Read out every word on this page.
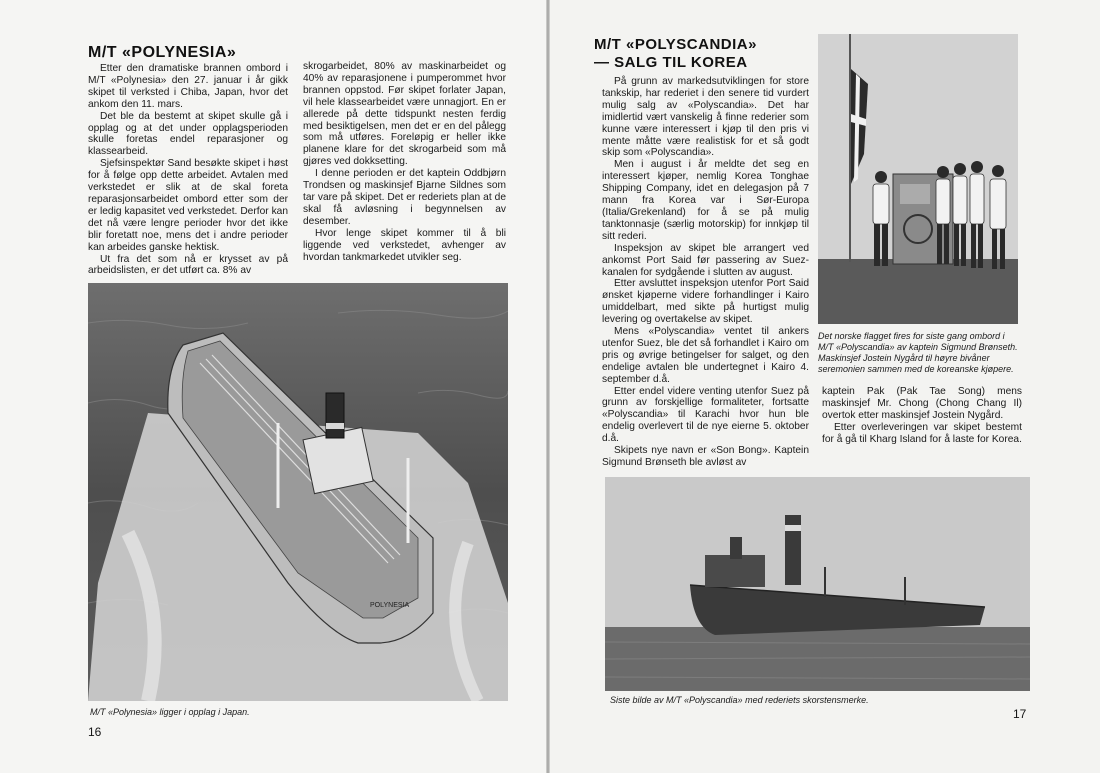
M/T «POLYNESIA»

Etter den dramatiske brannen ombord i M/T «Polynesia» den 27. januar i år gikk skipet til verksted i Chiba, Japan, hvor det ankom den 11. mars.

Det ble da bestemt at skipet skulle gå i opplag og at det under opplagsperioden skulle foretas endel reparasjoner og klassearbeid.

Sjefsinspektør Sand besøkte skipet i høst for å følge opp dette arbeidet. Avtalen med verkstedet er slik at de skal foreta reparasjonsarbeidet ombord etter som der er ledig kapasitet ved verkstedet. Derfor kan det nå være lengre perioder hvor det ikke blir foretatt noe, mens det i andre perioder kan arbeides ganske hektisk.

Ut fra det som nå er krysset av på arbeidslisten, er det utført ca. 8% av

skrogarbeidet, 80% av maskinarbeidet og 40% av reparasjonene i pumperommet hvor brannen oppstod. Før skipet forlater Japan, vil hele klassearbeidet være unnagjort. En er allerede på dette tidspunkt nesten ferdig med besiktigelsen, men det er en del pålegg som må utføres. Foreløpig er heller ikke planene klare for det skrogarbeid som må gjøres ved dokksetting.

I denne perioden er det kaptein Oddbjørn Trondsen og maskinsjef Bjarne Sildnes som tar vare på skipet. Det er rederiets plan at de skal få avløsning i begynnelsen av desember.

Hvor lenge skipet kommer til å bli liggende ved verkstedet, avhenger av hvordan tankmarkedet utvikler seg.

POLYNESIA
M/T «Polynesia» ligger i opplag i Japan.
16
M/T «POLYSCANDIA»
— SALG TIL KOREA

På grunn av markedsutviklingen for store tankskip, har rederiet i den senere tid vurdert mulig salg av «Polyscandia». Det har imidlertid vært vanskelig å finne rederier som kunne være interessert i kjøp til den pris vi mente måtte være realistisk for et så godt skip som «Polyscandia».

Men i august i år meldte det seg en interessert kjøper, nemlig Korea Tonghae Shipping Company, idet en delegasjon på 7 mann fra Korea var i Sør-Europa (Italia/Grekenland) for å se på mulig tanktonnasje (særlig motorskip) for innkjøp til sitt rederi.

Inspeksjon av skipet ble arrangert ved ankomst Port Said før passering av Suez-kanalen for sydgående i slutten av august.

Etter avsluttet inspeksjon utenfor Port Said ønsket kjøperne videre forhandlinger i Kairo umiddelbart, med sikte på hurtigst mulig levering og overtakelse av skipet.

Mens «Polyscandia» ventet til ankers utenfor Suez, ble det så forhandlet i Kairo om pris og øvrige betingelser for salget, og den endelige avtalen ble undertegnet i Kairo 4. september d.å.

Etter endel videre venting utenfor Suez på grunn av forskjellige formaliteter, fortsatte «Polyscandia» til Karachi hvor hun ble endelig overlevert til de nye eierne 5. oktober d.å.

Skipets nye navn er «Son Bong». Kaptein Sigmund Brønseth ble avløst av

Det norske flagget fires for siste gang ombord i M/T «Polyscandia» av kaptein Sigmund Brønseth.

Maskinsjef Jostein Nygård til høyre bivåner seremonien sammen med de koreanske kjøpere.

kaptein Pak (Pak Tae Song) mens maskinsjef Mr. Chong (Chong Chang Il) overtok etter maskinsjef Jostein Nygård.

Etter overleveringen var skipet bestemt for å gå til Kharg Island for å laste for Korea.

Siste bilde av M/T «Polyscandia» med rederiets skorstensmerke.
17
